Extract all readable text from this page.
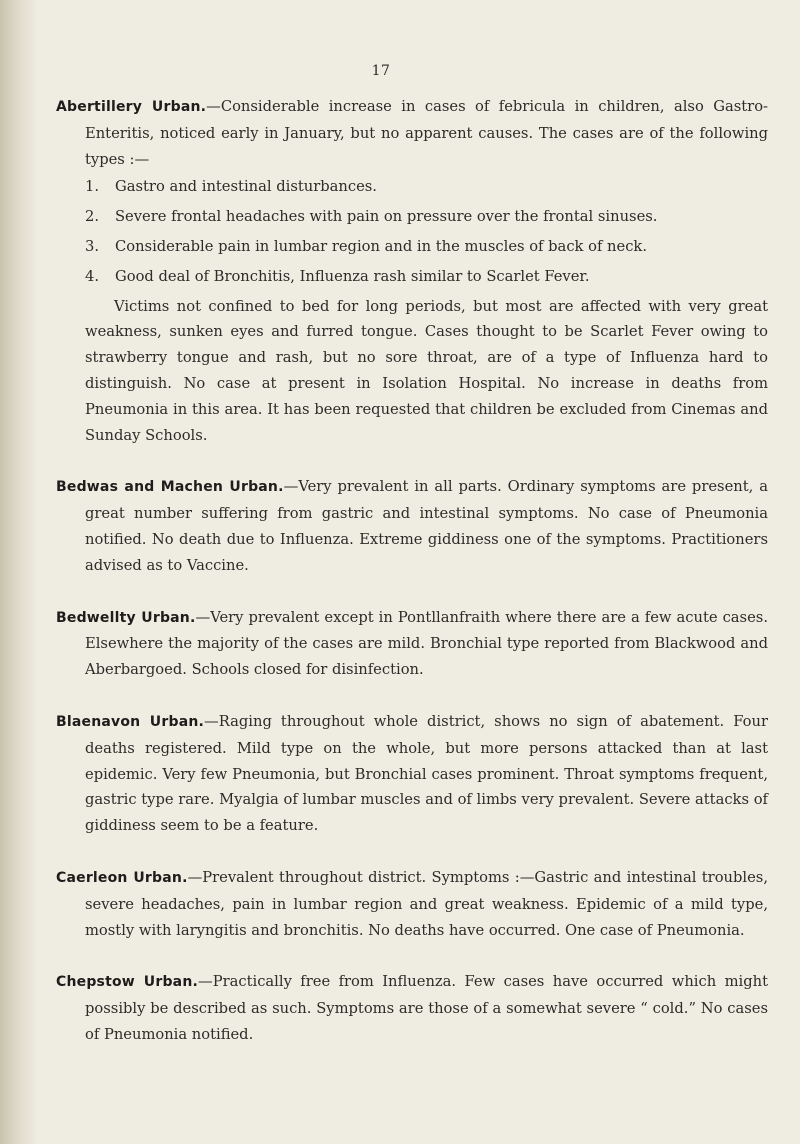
17
Abertillery Urban.—Considerable increase in cases of febricula in children, also Gastro-Enteritis, noticed early in January, but no apparent causes. The cases are of the following types :—
1. Gastro and intestinal disturbances.
2. Severe frontal headaches with pain on pressure over the frontal sinuses.
3. Considerable pain in lumbar region and in the muscles of back of neck.
4. Good deal of Bronchitis, Influenza rash similar to Scarlet Fever.
Victims not confined to bed for long periods, but most are affected with very great weakness, sunken eyes and furred tongue. Cases thought to be Scarlet Fever owing to strawberry tongue and rash, but no sore throat, are of a type of Influenza hard to distinguish. No case at present in Isolation Hospital. No increase in deaths from Pneumonia in this area. It has been requested that children be excluded from Cinemas and Sunday Schools.
Bedwas and Machen Urban.—Very prevalent in all parts. Ordinary symptoms are present, a great number suffering from gastric and intestinal symptoms. No case of Pneumonia notified. No death due to Influenza. Extreme giddiness one of the symptoms. Practitioners advised as to Vaccine.
Bedwellty Urban.—Very prevalent except in Pontllanfraith where there are a few acute cases. Elsewhere the majority of the cases are mild. Bronchial type reported from Blackwood and Aberbargoed. Schools closed for disinfection.
Blaenavon Urban.—Raging throughout whole district, shows no sign of abatement. Four deaths registered. Mild type on the whole, but more persons attacked than at last epidemic. Very few Pneumonia, but Bronchial cases prominent. Throat symptoms frequent, gastric type rare. Myalgia of lumbar muscles and of limbs very prevalent. Severe attacks of giddiness seem to be a feature.
Caerleon Urban.—Prevalent throughout district. Symptoms :—Gastric and intestinal troubles, severe headaches, pain in lumbar region and great weakness. Epidemic of a mild type, mostly with laryngitis and bronchitis. No deaths have occurred. One case of Pneumonia.
Chepstow Urban.—Practically free from Influenza. Few cases have occurred which might possibly be described as such. Symptoms are those of a somewhat severe “ cold.” No cases of Pneumonia notified.
